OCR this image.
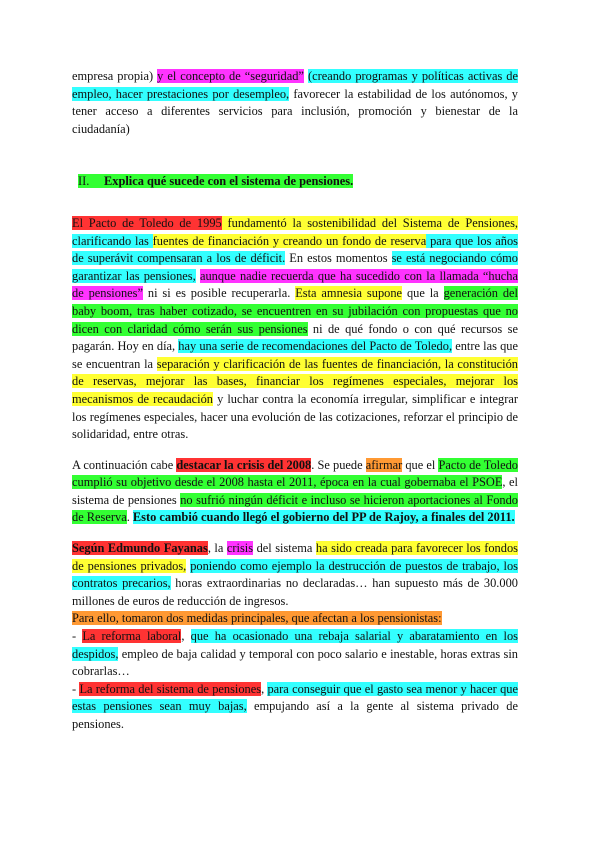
empresa propia) y el concepto de “seguridad” (creando programas y políticas activas de empleo, hacer prestaciones por desempleo, favorecer la estabilidad de los autónomos, y tener acceso a diferentes servicios para inclusión, promoción y bienestar de la ciudadanía)

II. Explica qué sucede con el sistema de pensiones.

El Pacto de Toledo de 1995 fundamentó la sostenibilidad del Sistema de Pensiones, clarificando las fuentes de financiación y creando un fondo de reserva para que los años de superávit compensaran a los de déficit. En estos momentos se está negociando cómo garantizar las pensiones, aunque nadie recuerda que ha sucedido con la llamada “hucha de pensiones” ni si es posible recuperarla. Esta amnesia supone que la generación del baby boom, tras haber cotizado, se encuentren en su jubilación con propuestas que no dicen con claridad cómo serán sus pensiones ni de qué fondo o con qué recursos se pagarán. Hoy en día, hay una serie de recomendaciones del Pacto de Toledo, entre las que se encuentran la separación y clarificación de las fuentes de financiación, la constitución de reservas, mejorar las bases, financiar los regímenes especiales, mejorar los mecanismos de recaudación y luchar contra la economía irregular, simplificar e integrar los regímenes especiales, hacer una evolución de las cotizaciones, reforzar el principio de solidaridad, entre otras.

A continuación cabe destacar la crisis del 2008. Se puede afirmar que el Pacto de Toledo cumplió su objetivo desde el 2008 hasta el 2011, época en la cual gobernaba el PSOE, el sistema de pensiones no sufrió ningún déficit e incluso se hicieron aportaciones al Fondo de Reserva. Esto cambió cuando llegó el gobierno del PP de Rajoy, a finales del 2011.

Según Edmundo Fayanas, la crisis del sistema ha sido creada para favorecer los fondos de pensiones privados, poniendo como ejemplo la destrucción de puestos de trabajo, los contratos precarios, horas extraordinarias no declaradas… han supuesto más de 30.000 millones de euros de reducción de ingresos.

Para ello, tomaron dos medidas principales, que afectan a los pensionistas:

- La reforma laboral, que ha ocasionado una rebaja salarial y abaratamiento en los despidos, empleo de baja calidad y temporal con poco salario e inestable, horas extras sin cobrarlas…

- La reforma del sistema de pensiones, para conseguir que el gasto sea menor y hacer que estas pensiones sean muy bajas, empujando así a la gente al sistema privado de pensiones.
